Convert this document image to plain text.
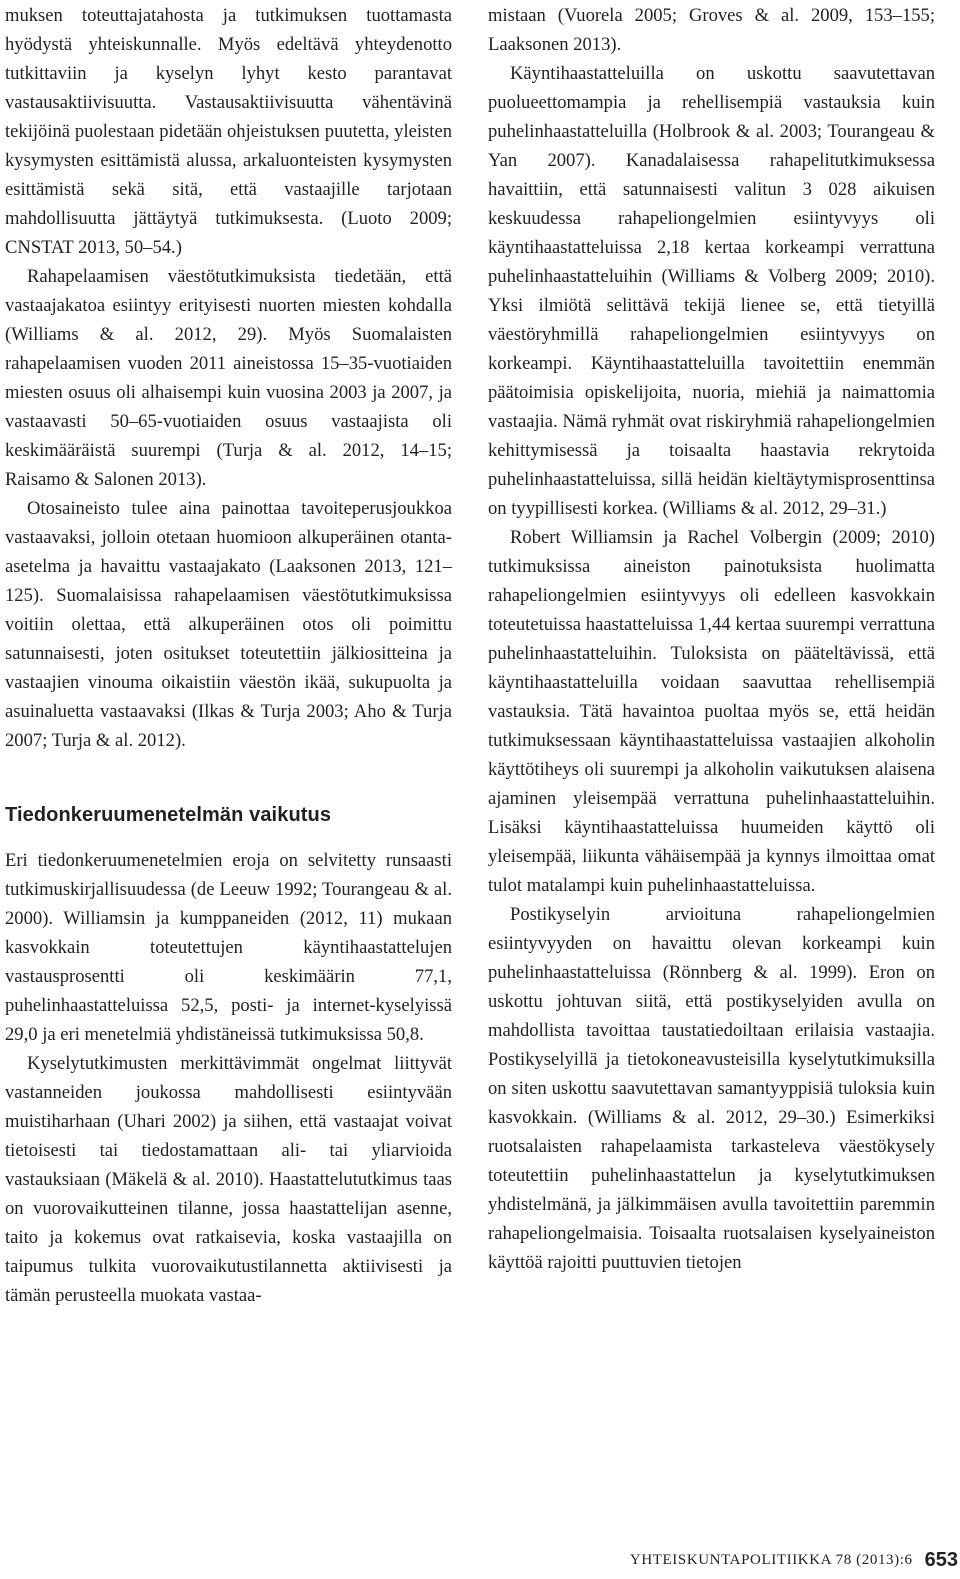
muksen toteuttajatahosta ja tutkimuksen tuottamasta hyödystä yhteiskunnalle. Myös edeltävä yhteydenotto tutkittaviin ja kyselyn lyhyt kesto parantavat vastausaktiivisuutta. Vastausaktiivisuutta vähentävinä tekijöinä puolestaan pidetään ohjeistuksen puutetta, yleisten kysymysten esittämistä alussa, arkaluonteisten kysymysten esittämistä sekä sitä, että vastaajille tarjotaan mahdollisuutta jättäytyä tutkimuksesta. (Luoto 2009; CNSTAT 2013, 50–54.)

Rahapelaamisen väestötutkimuksista tiedetään, että vastaajakatoa esiintyy erityisesti nuorten miesten kohdalla (Williams & al. 2012, 29). Myös Suomalaisten rahapelaamisen vuoden 2011 aineistossa 15–35-vuotiaiden miesten osuus oli alhaisempi kuin vuosina 2003 ja 2007, ja vastaavasti 50–65-vuotiaiden osuus vastaajista oli keskimääräistä suurempi (Turja & al. 2012, 14–15; Raisamo & Salonen 2013).

Otosaineisto tulee aina painottaa tavoiteperusjoukkoa vastaavaksi, jolloin otetaan huomioon alkuperäinen otanta-asetelma ja havaittu vastaajakato (Laaksonen 2013, 121–125). Suomalaisissa rahapelaamisen väestötutkimuksissa voitiin olettaa, että alkuperäinen otos oli poimittu satunnaisesti, joten ositukset toteutettiin jälkiositteina ja vastaajien vinouma oikaistiin väestön ikää, sukupuolta ja asuinaluetta vastaavaksi (Ilkas & Turja 2003; Aho & Turja 2007; Turja & al. 2012).

Tiedonkeruumenetelmän vaikutus

Eri tiedonkeruumenetelmien eroja on selvitetty runsaasti tutkimuskirjallisuudessa (de Leeuw 1992; Tourangeau & al. 2000). Williamsin ja kumppaneiden (2012, 11) mukaan kasvokkain toteutettujen käyntihaastattelujen vastausprosentti oli keskimäärin 77,1, puhelinhaastatteluissa 52,5, posti- ja internet-kyselyissä 29,0 ja eri menetelmiä yhdistäneissä tutkimuksissa 50,8.

Kyselytutkimusten merkittävimmät ongelmat liittyvät vastanneiden joukossa mahdollisesti esiintyvään muistiharhaan (Uhari 2002) ja siihen, että vastaajat voivat tietoisesti tai tiedostamattaan ali- tai yliarvioida vastauksiaan (Mäkelä & al. 2010). Haastattelututkimus taas on vuorovaikutteinen tilanne, jossa haastattelijan asenne, taito ja kokemus ovat ratkaisevia, koska vastaajilla on taipumus tulkita vuorovaikutustilannetta aktiivisesti ja tämän perusteella muokata vastaa-

mistaan (Vuorela 2005; Groves & al. 2009, 153–155; Laaksonen 2013).

Käyntihaastatteluilla on uskottu saavutettavan puolueettomampia ja rehellisempiä vastauksia kuin puhelinhaastatteluilla (Holbrook & al. 2003; Tourangeau & Yan 2007). Kanadalaisessa rahapelitutkimuksessa havaittiin, että satunnaisesti valitun 3 028 aikuisen keskuudessa rahapeliongelmien esiintyvyys oli käyntihaastatteluissa 2,18 kertaa korkeampi verrattuna puhelinhaastatteluihin (Williams & Volberg 2009; 2010). Yksi ilmiötä selittävä tekijä lienee se, että tietyillä väestöryhmillä rahapeliongelmien esiintyvyys on korkeampi. Käyntihaastatteluilla tavoitettiin enemmän päätoimisia opiskelijoita, nuoria, miehiä ja naimattomia vastaajia. Nämä ryhmät ovat riskiryhmiä rahapeliongelmien kehittymisessä ja toisaalta haastavia rekrytoida puhelinhaastatteluissa, sillä heidän kieltäytymisprosenttinsa on tyypillisesti korkea. (Williams & al. 2012, 29–31.)

Robert Williamsin ja Rachel Volbergin (2009; 2010) tutkimuksissa aineiston painotuksista huolimatta rahapeliongelmien esiintyvyys oli edelleen kasvokkain toteutetuissa haastatteluissa 1,44 kertaa suurempi verrattuna puhelinhaastatteluihin. Tuloksista on pääteltävissä, että käyntihaastatteluilla voidaan saavuttaa rehellisempiä vastauksia. Tätä havaintoa puoltaa myös se, että heidän tutkimuksessaan käyntihaastatteluissa vastaajien alkoholin käyttötiheys oli suurempi ja alkoholin vaikutuksen alaisena ajaminen yleisempää verrattuna puhelinhaastatteluihin. Lisäksi käyntihaastatteluissa huumeiden käyttö oli yleisempää, liikunta vähäisempää ja kynnys ilmoittaa omat tulot matalampi kuin puhelinhaastatteluissa.

Postikyselyin arvioituna rahapeliongelmien esiintyvyyden on havaittu olevan korkeampi kuin puhelinhaastatteluissa (Rönnberg & al. 1999). Eron on uskottu johtuvan siitä, että postikyselyiden avulla on mahdollista tavoittaa taustatiedoiltaan erilaisia vastaajia. Postikyselyillä ja tietokoneavusteisilla kyselytutkimuksilla on siten uskottu saavutettavan samantyyppisiä tuloksia kuin kasvokkain. (Williams & al. 2012, 29–30.) Esimerkiksi ruotsalaisten rahapelaamista tarkasteleva väestökysely toteutettiin puhelinhaastattelun ja kyselytutkimuksen yhdistelmänä, ja jälkimmäisen avulla tavoitettiin paremmin rahapeliongelmaisia. Toisaalta ruotsalaisen kyselyaineiston käyttöä rajoitti puuttuvien tietojen

YHTEISKUNTAPOLITIIKKA 78 (2013):6 653
